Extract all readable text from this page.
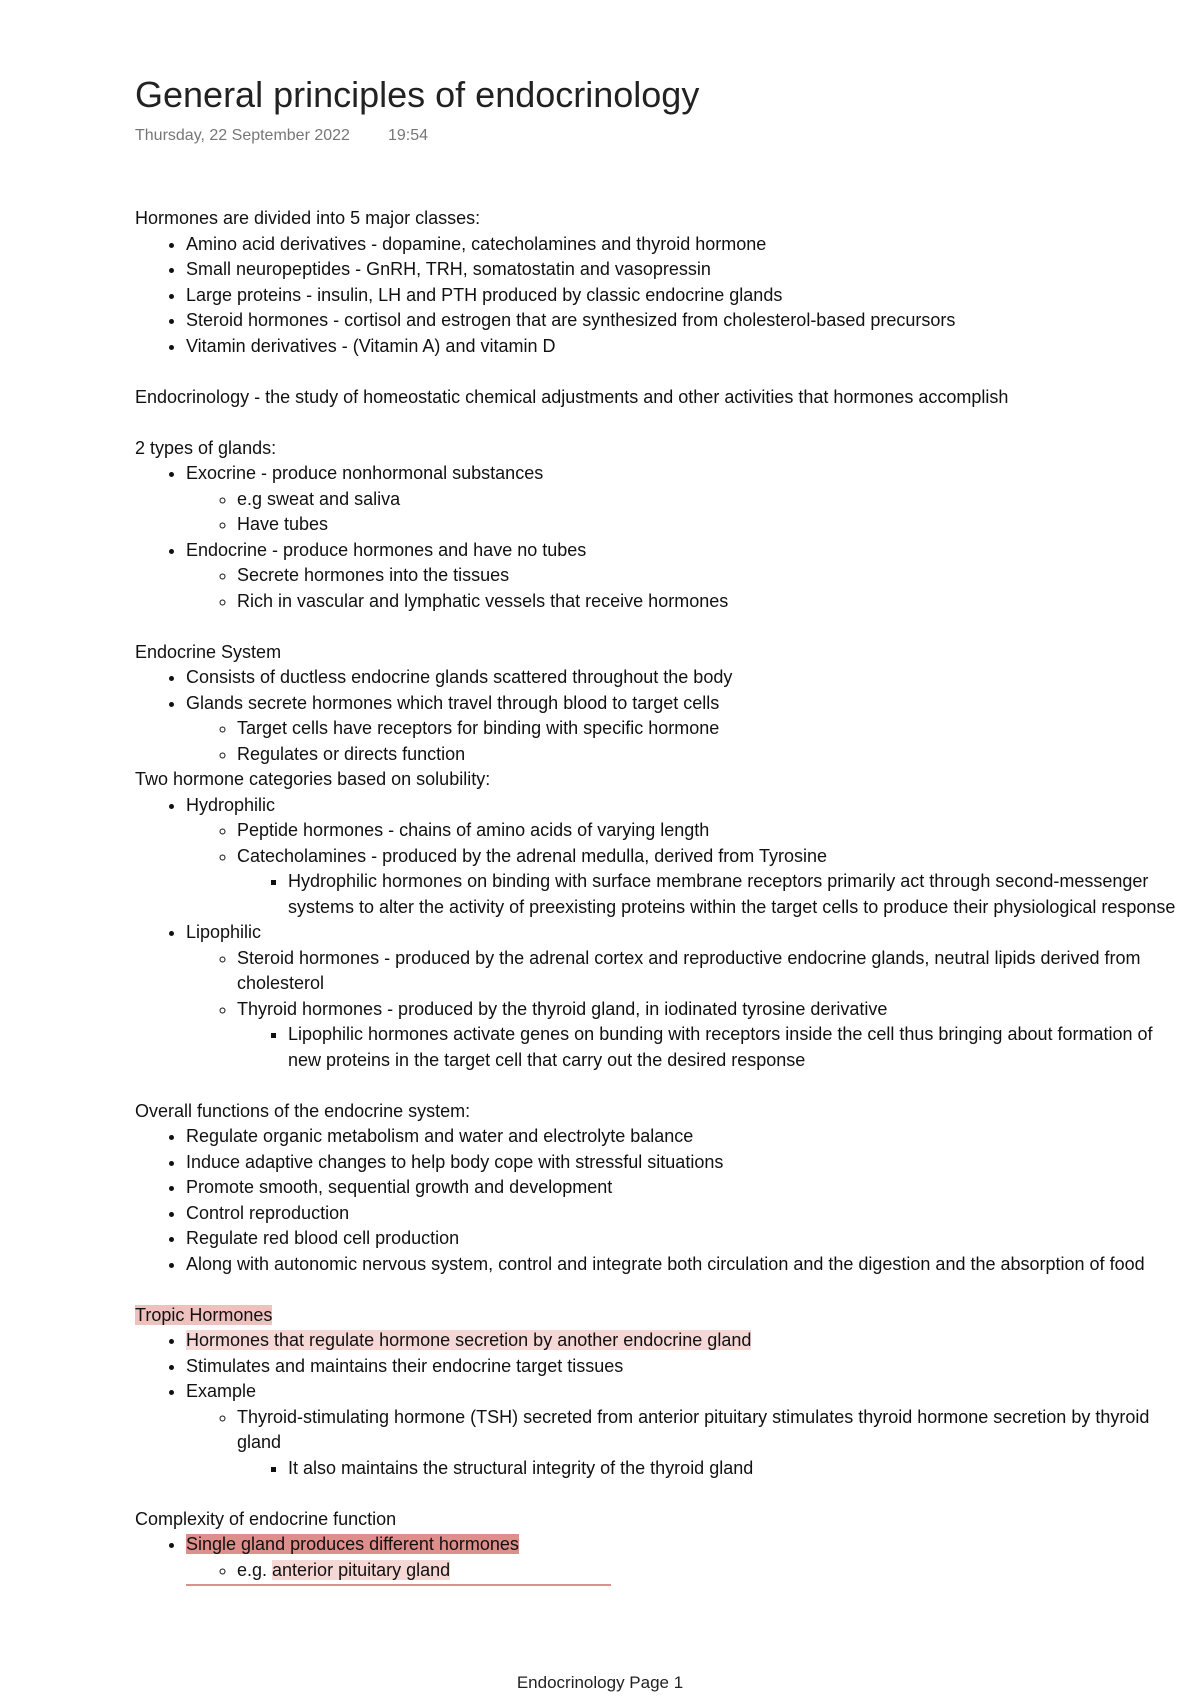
General principles of endocrinology
Thursday, 22 September 2022 19:54

Hormones are divided into 5 major classes:

• Amino acid derivatives - dopamine, catecholamines and thyroid hormone
• Small neuropeptides - GnRH, TRH, somatostatin and vasopressin
• Large proteins - insulin, LH and PTH produced by classic endocrine glands
• Steroid hormones - cortisol and estrogen that are synthesized from cholesterol-based precursors
• Vitamin derivatives - (Vitamin A) and vitamin D

Endocrinology - the study of homeostatic chemical adjustments and other activities that hormones accomplish

2 types of glands:

• Exocrine - produce nonhormonal substances
◦ e.g sweat and saliva
◦ Have tubes
• Endocrine - produce hormones and have no tubes
◦ Secrete hormones into the tissues
◦ Rich in vascular and lymphatic vessels that receive hormones

Endocrine System

• Consists of ductless endocrine glands scattered throughout the body
• Glands secrete hormones which travel through blood to target cells
◦ Target cells have receptors for binding with specific hormone
◦ Regulates or directs function

Two hormone categories based on solubility:

• Hydrophilic
◦ Peptide hormones - chains of amino acids of varying length
◦ Catecholamines - produced by the adrenal medulla, derived from Tyrosine
▪ Hydrophilic hormones on binding with surface membrane receptors primarily act through second-messenger systems to alter the activity of preexisting proteins within the target cells to produce their physiological response
• Lipophilic
◦ Steroid hormones - produced by the adrenal cortex and reproductive endocrine glands, neutral lipids derived from cholesterol
◦ Thyroid hormones - produced by the thyroid gland, in iodinated tyrosine derivative
▪ Lipophilic hormones activate genes on bunding with receptors inside the cell thus bringing about formation of new proteins in the target cell that carry out the desired response

Overall functions of the endocrine system:

• Regulate organic metabolism and water and electrolyte balance
• Induce adaptive changes to help body cope with stressful situations
• Promote smooth, sequential growth and development
• Control reproduction
• Regulate red blood cell production
• Along with autonomic nervous system, control and integrate both circulation and the digestion and the absorption of food

Tropic Hormones

• Hormones that regulate hormone secretion by another endocrine gland
• Stimulates and maintains their endocrine target tissues
• Example
◦ Thyroid-stimulating hormone (TSH) secreted from anterior pituitary stimulates thyroid hormone secretion by thyroid gland
▪ It also maintains the structural integrity of the thyroid gland

Complexity of endocrine function

• Single gland produces different hormones
◦ e.g. anterior pituitary gland
Endocrinology Page 1
